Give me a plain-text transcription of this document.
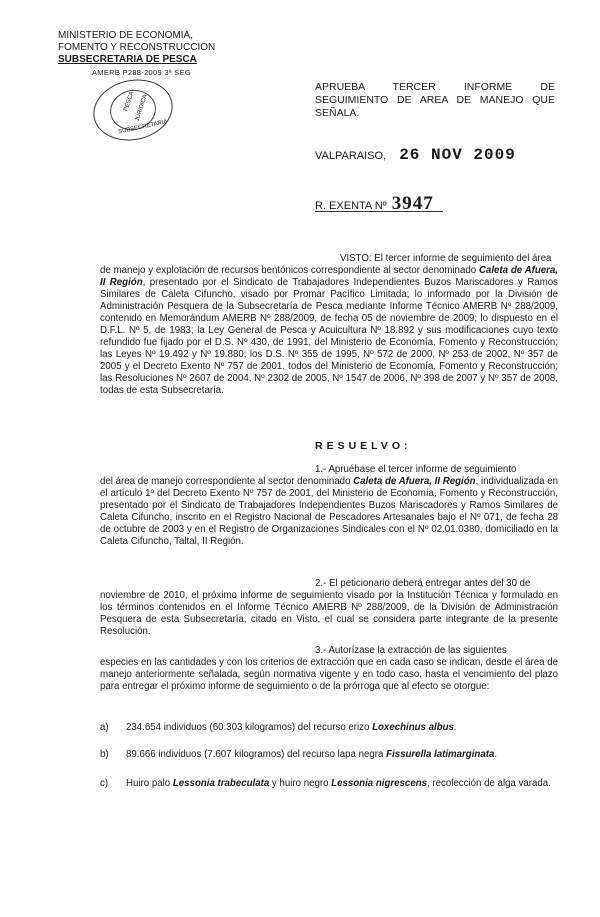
MINISTERIO DE ECONOMIA,
FOMENTO Y RECONSTRUCCION
SUBSECRETARIA DE PESCA
AMERB P288-2009 3ª SEG
PESCA JURIDICA
SUBSECRETARIA
APRUEBA TERCER INFORME DE SEGUIMIENTO DE AREA DE MANEJO QUE SEÑALA.
VALPARAISO, 26 NOV 2009
R. EXENTA Nº 3947
VISTO: El tercer informe de seguimiento del área
de manejo y explotación de recursos bentónicos correspondiente al sector denominado Caleta de Afuera, II Región, presentado por el Sindicato de Trabajadores Independientes Buzos Mariscadores y Ramos Similares de Caleta Cifuncho, visado por Promar Pacífico Limitada; lo informado por la División de Administración Pesquera de la Subsecretaría de Pesca mediante Informe Técnico AMERB Nº 288/2009, contenido en Memorándum AMERB Nº 288/2009, de fecha 05 de noviembre de 2009; lo dispuesto en el D.F.L. Nº 5, de 1983; la Ley General de Pesca y Acuicultura Nº 18.892 y sus modificaciones cuyo texto refundido fue fijado por el D.S. Nº 430, de 1991, del Ministerio de Economía, Fomento y Reconstrucción; las Leyes Nº 19.492 y Nº 19.880; los D.S. Nº 355 de 1995, Nº 572 de 2000, Nº 253 de 2002, Nº 357 de 2005 y el Decreto Exento Nº 757 de 2001, todos del Ministerio de Economía, Fomento y Reconstrucción; las Resoluciones Nº 2607 de 2004, Nº 2302 de 2005, Nº 1547 de 2006, Nº 398 de 2007 y Nº 357 de 2008, todas de esta Subsecretaría.
RESUELVO:
1.- Apruébase el tercer informe de seguimiento
del área de manejo correspondiente al sector denominado Caleta de Afuera, II Región, individualizada en el artículo 1º del Decreto Exento Nº 757 de 2001, del Ministerio de Economía, Fomento y Reconstrucción, presentado por el Sindicato de Trabajadores Independientes Buzos Mariscadores y Ramos Similares de Caleta Cifuncho, inscrito en el Registro Nacional de Pescadores Artesanales bajo el Nº 071, de fecha 28 de octubre de 2003 y en el Registro de Organizaciones Sindicales con el Nº 02.01.0380, domiciliado en la Caleta Cifuncho, Taltal, II Región.
2.- El peticionario deberá entregar antes del 30 de
noviembre de 2010, el próximo informe de seguimiento visado por la Institución Técnica y formulado en los términos contenidos en el Informe Técnico AMERB Nº 288/2009, de la División de Administración Pesquera de esta Subsecretaría, citado en Visto, el cual se considera parte integrante de la presente Resolución.
3.- Autorízase la extracción de las siguientes
especies en las cantidades y con los criterios de extracción que en cada caso se indican, desde el área de manejo anteriormente señalada, según normativa vigente y en todo caso, hasta el vencimiento del plazo para entregar el próximo informe de seguimiento o de la prórroga que al efecto se otorgue:
a) 234.654 individuos (60.303 kilogramos) del recurso erizo Loxechinus albus.
b) 89.666 individuos (7.607 kilogramos) del recurso lapa negra Fissurella latimarginata.
c) Huiro palo Lessonia trabeculata y huiro negro Lessonia nigrescens, recolección de alga varada.
